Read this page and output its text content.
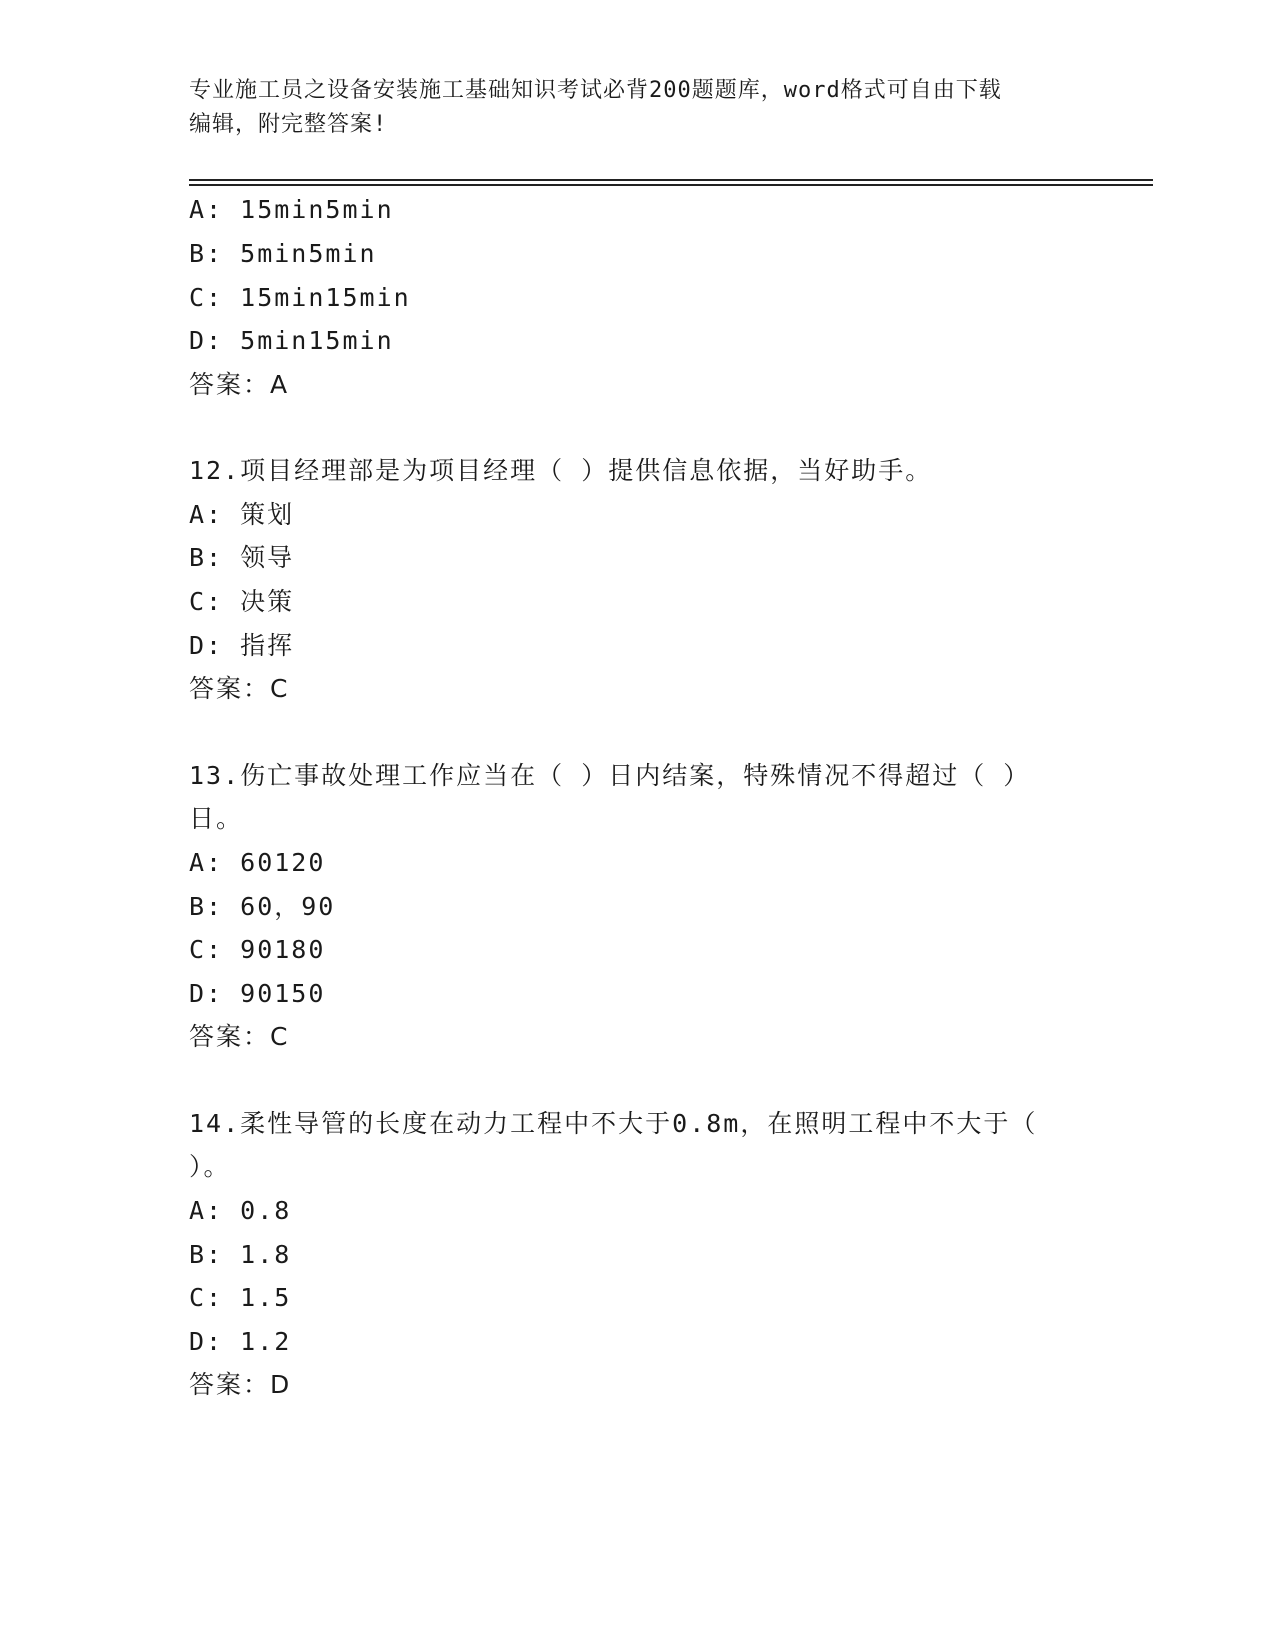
专业施工员之设备安装施工基础知识考试必背200题题库，word格式可自由下载
编辑，附完整答案!
A: 15min5min
B: 5min5min
C: 15min15min
D: 5min15min
答案：A
12.项目经理部是为项目经理（ ）提供信息依据，当好助手。
A: 策划
B: 领导
C: 决策
D: 指挥
答案：C
13.伤亡事故处理工作应当在（ ）日内结案，特殊情况不得超过（ ）
日。
A: 60120
B: 60，90
C: 90180
D: 90150
答案：C
14.柔性导管的长度在动力工程中不大于0.8m，在照明工程中不大于（
）。
A: 0.8
B: 1.8
C: 1.5
D: 1.2
答案：D
